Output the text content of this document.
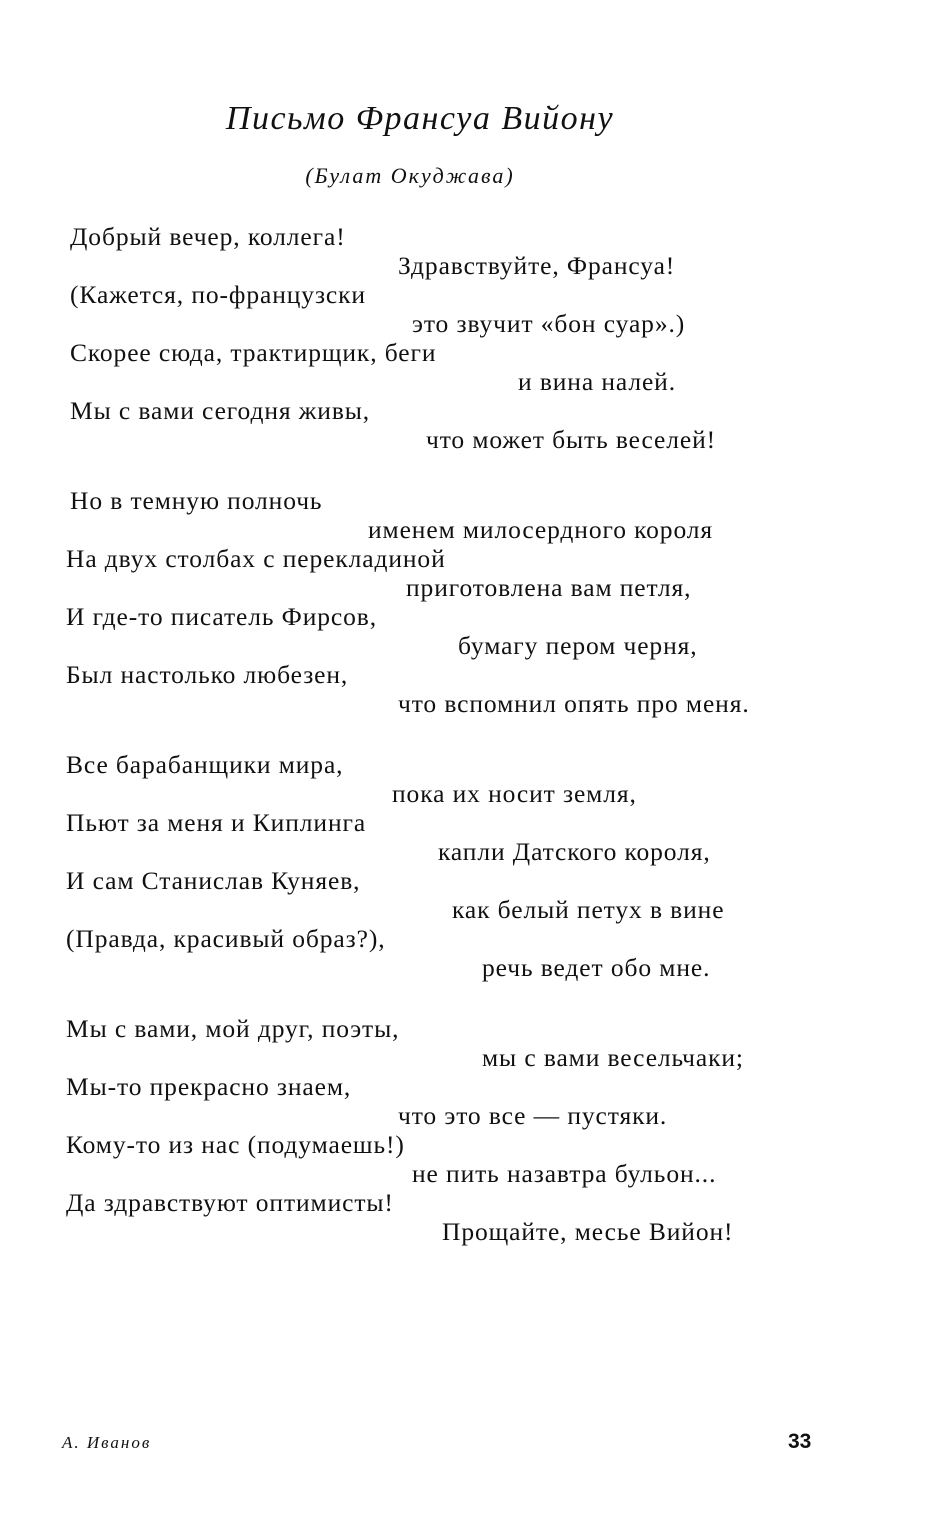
Письмо Франсуа Вийону
(Булат Окуджава)
Добрый вечер, коллега!
Здравствуйте, Франсуа!
(Кажется, по-французски
это звучит «бон суар».)
Скорее сюда, трактирщик, беги
и вина налей.
Мы с вами сегодня живы,
что может быть веселей!
Но в темную полночь
именем милосердного короля
На двух столбах с перекладиной
приготовлена вам петля,
И где-то писатель Фирсов,
бумагу пером черня,
Был настолько любезен,
что вспомнил опять про меня.
Все барабанщики мира,
пока их носит земля,
Пьют за меня и Киплинга
капли Датского короля,
И сам Станислав Куняев,
как белый петух в вине
(Правда, красивый образ?),
речь ведет обо мне.
Мы с вами, мой друг, поэты,
мы с вами весельчаки;
Мы-то прекрасно знаем,
что это все — пустяки.
Кому-то из нас (подумаешь!)
не пить назавтра бульон...
Да здравствуют оптимисты!
Прощайте, месье Вийон!
А. Иванов	33
